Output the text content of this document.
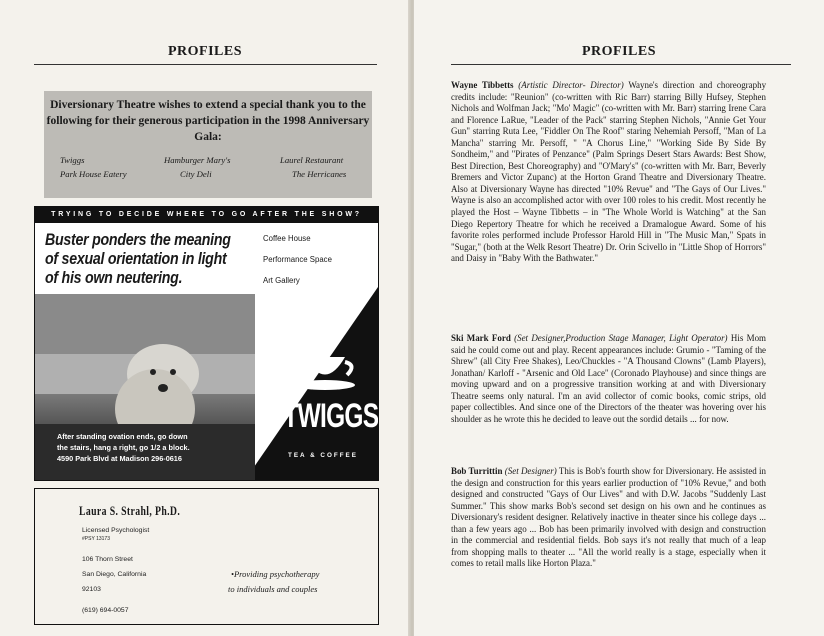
PROFILES
Diversionary Theatre wishes to extend a special thank you to the following for their generous participation in the 1998 Anniversary Gala:
Twiggs	Hamburger Mary's	Laurel Restaurant
Park House Eatery	City Deli	The Herricanes
TRYING TO DECIDE WHERE TO GO AFTER THE SHOW?
Buster ponders the meaning of sexual orientation in light of his own neutering.
Coffee House
Performance Space
Art Gallery
After standing ovation ends, go down
the stairs, hang a right, go 1/2 a block.
4590 Park Blvd at Madison 296-0616
TWIGGS
TEA & COFFEE
Laura S. Strahl, Ph.D.
Licensed Psychologist
#PSY 13173
106 Thorn Street
San Diego, California
92103
(619) 694-0057
•Providing psychotherapy
to individuals and couples
PROFILES
Wayne Tibbetts (Artistic Director- Director) Wayne's direction and choreography credits include: "Reunion" (co-written with Ric Barr) starring Billy Hufsey, Stephen Nichols and Wolfman Jack; "Mo' Magic" (co-written with Mr. Barr) starring Irene Cara and Florence LaRue, "Leader of the Pack" starring Stephen Nichols, "Annie Get Your Gun" starring Ruta Lee, "Fiddler On The Roof" staring Nehemiah Persoff, "Man of La Mancha" starring Mr. Persoff, " "A Chorus Line," "Working Side By Side By Sondheim," and "Pirates of Penzance" (Palm Springs Desert Stars Awards: Best Show, Best Direction, Best Choreography) and "O'Mary's" (co-written with Mr. Barr, Beverly Bremers and Victor Zupanc) at the Horton Grand Theatre and Diversionary Theatre. Also at Diversionary Wayne has directed "10% Revue" and "The Gays of Our Lives." Wayne is also an accomplished actor with over 100 roles to his credit. Most recently he played the Host – Wayne Tibbetts – in "The Whole World is Watching" at the San Diego Repertory Theatre for which he received a Dramalogue Award. Some of his favorite roles performed include Professor Harold Hill in "The Music Man," Spats in "Sugar," (both at the Welk Resort Theatre) Dr. Orin Scivello in "Little Shop of Horrors" and Daisy in "Baby With the Bathwater."
Ski Mark Ford (Set Designer,Production Stage Manager, Light Operator) His Mom said he could come out and play. Recent appearances include: Grumio - "Taming of the Shrew" (all City Free Shakes), Leo/Chuckles - "A Thousand Clowns" (Lamb Players), Jonathan/ Karloff - "Arsenic and Old Lace" (Coronado Playhouse) and since things are moving upward and on a progressive transition working at and with Diversionary Theatre seems only natural. I'm an avid collector of comic books, comic strips, old paper collectibles. And since one of the Directors of the theater was hovering over his shoulder as he wrote this he decided to leave out the sordid details ... for now.
Bob Turrittin (Set Designer) This is Bob's fourth show for Diversionary. He assisted in the design and construction for this years earlier production of "10% Revue," and both designed and constructed "Gays of Our Lives" and with D.W. Jacobs "Suddenly Last Summer." This show marks Bob's second set design on his own and he continues as Diversionary's resident designer. Relatively inactive in theater since his college days ... than a few years ago ... Bob has been primarily involved with design and construction in the commercial and residential fields. Bob says it's not really that much of a leap from shopping malls to theater ... "All the world really is a stage, especially when it comes to retail malls like Horton Plaza."
